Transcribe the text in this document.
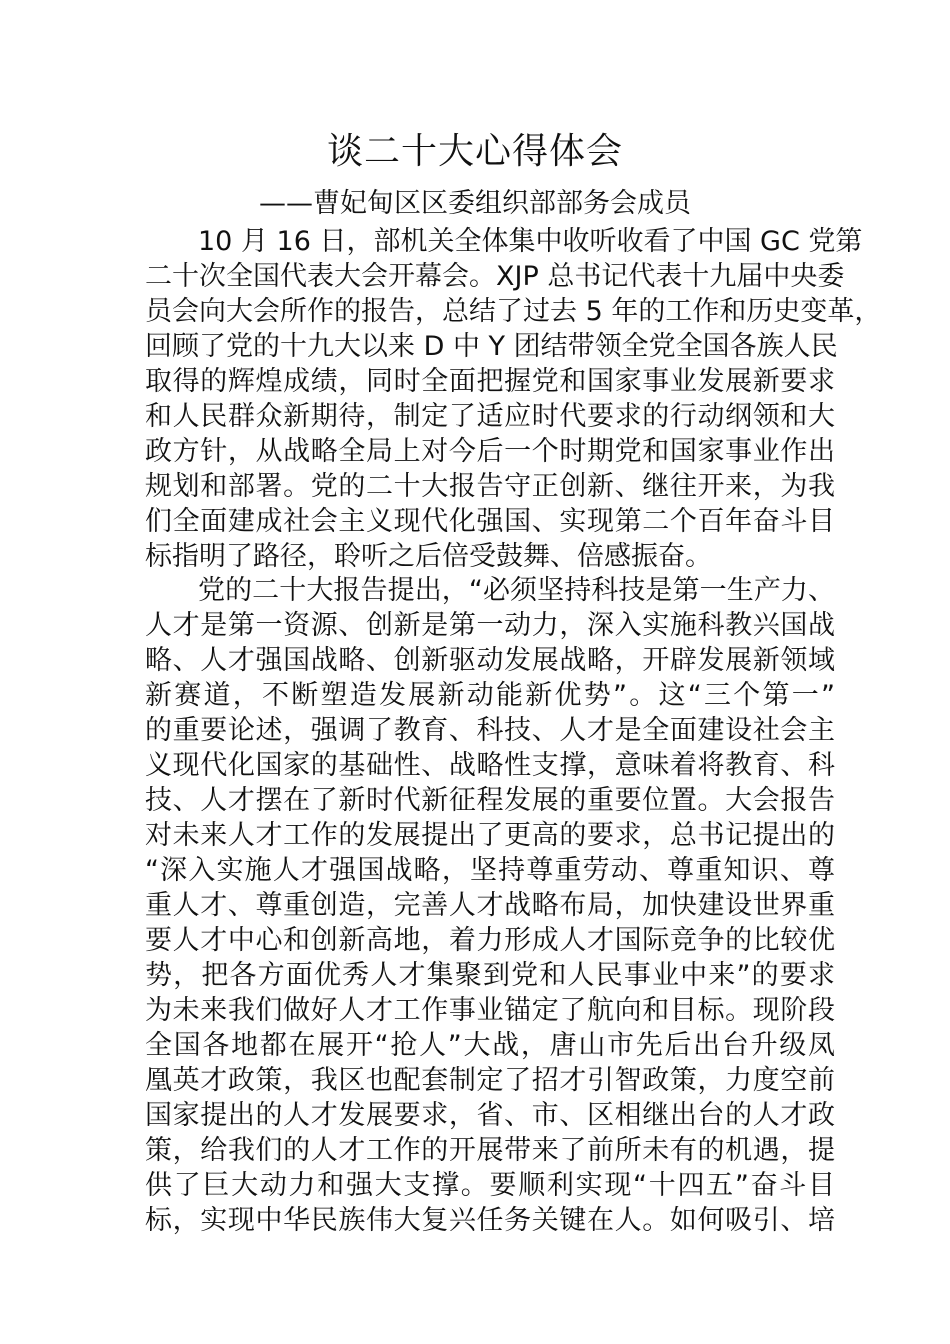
谈二十大心得体会
——曹妃甸区区委组织部部务会成员
10 月 16 日，部机关全体集中收听收看了中国 GC 党第
二十次全国代表大会开幕会。XJP 总书记代表十九届中央委
员会向大会所作的报告，总结了过去 5 年的工作和历史变革，
回顾了党的十九大以来 D 中 Y 团结带领全党全国各族人民
取得的辉煌成绩，同时全面把握党和国家事业发展新要求
和人民群众新期待，制定了适应时代要求的行动纲领和大
政方针，从战略全局上对今后一个时期党和国家事业作出
规划和部署。党的二十大报告守正创新、继往开来，为我
们全面建成社会主义现代化强国、实现第二个百年奋斗目
标指明了路径，聆听之后倍受鼓舞、倍感振奋。
党的二十大报告提出，“必须坚持科技是第一生产力、
人才是第一资源、创新是第一动力，深入实施科教兴国战
略、人才强国战略、创新驱动发展战略，开辟发展新领域
新赛道，不断塑造发展新动能新优势”。这“三个第一”
的重要论述，强调了教育、科技、人才是全面建设社会主
义现代化国家的基础性、战略性支撑，意味着将教育、科
技、人才摆在了新时代新征程发展的重要位置。大会报告
对未来人才工作的发展提出了更高的要求，总书记提出的
“深入实施人才强国战略，坚持尊重劳动、尊重知识、尊
重人才、尊重创造，完善人才战略布局，加快建设世界重
要人才中心和创新高地，着力形成人才国际竞争的比较优
势，把各方面优秀人才集聚到党和人民事业中来”的要求
为未来我们做好人才工作事业锚定了航向和目标。现阶段
全国各地都在展开“抢人”大战，唐山市先后出台升级凤
凰英才政策，我区也配套制定了招才引智政策，力度空前
国家提出的人才发展要求，省、市、区相继出台的人才政
策，给我们的人才工作的开展带来了前所未有的机遇，提
供了巨大动力和强大支撑。要顺利实现“十四五”奋斗目
标，实现中华民族伟大复兴任务关键在人。如何吸引、培
